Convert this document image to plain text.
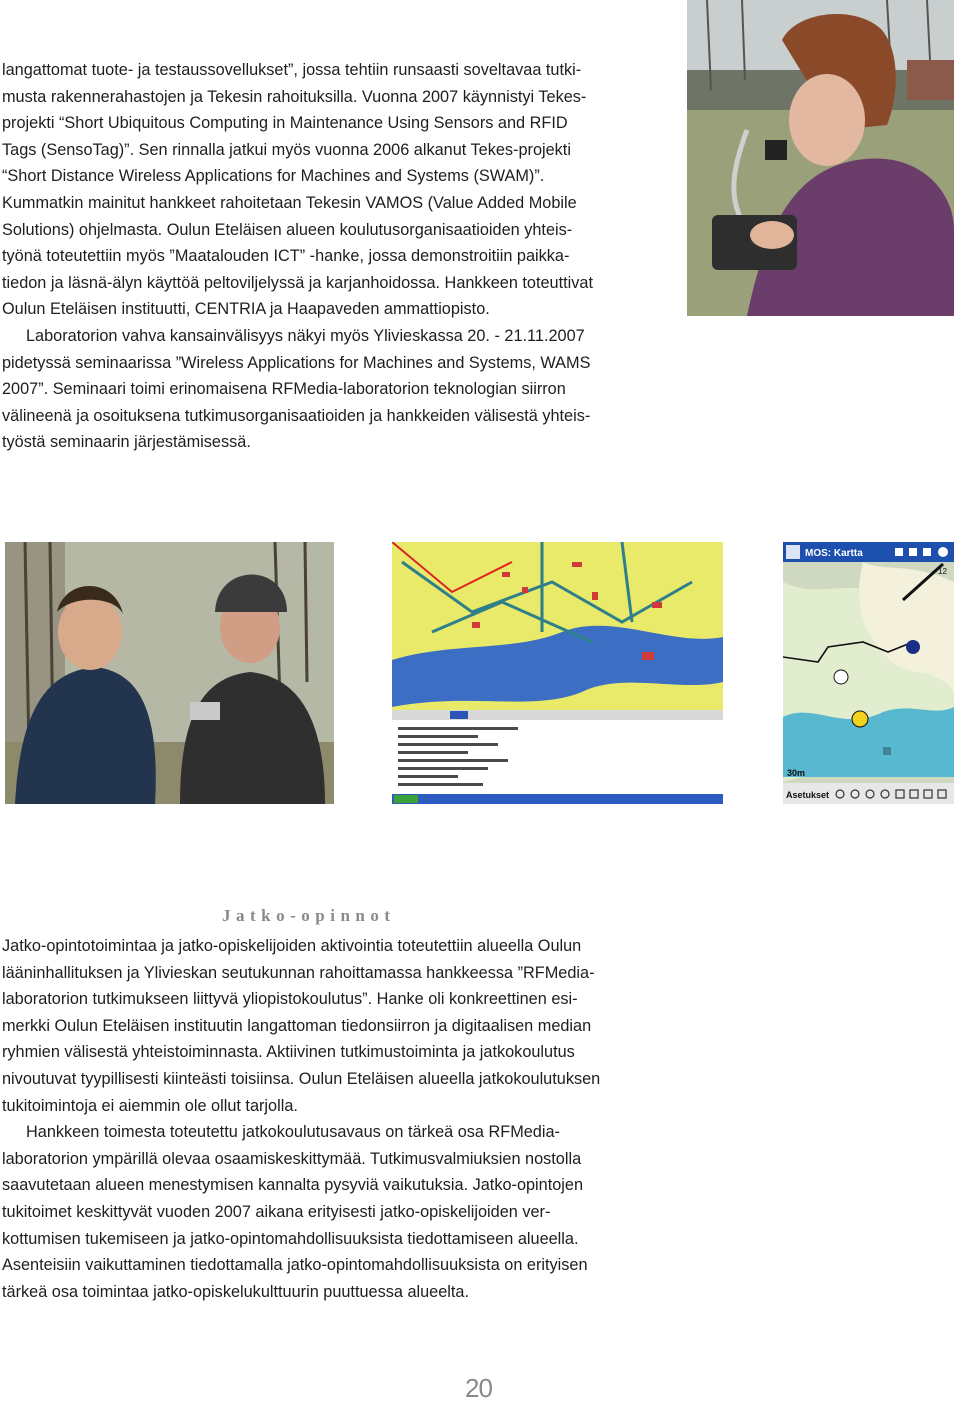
langattomat tuote- ja testaussovellukset”, jossa tehtiin runsaasti soveltavaa tutki-
musta rakennerahastojen ja Tekesin rahoituksilla. Vuonna 2007 käynnistyi Tekes-
projekti “Short Ubiquitous Computing in Maintenance Using Sensors and RFID
Tags (SensoTag)”. Sen rinnalla jatkui myös vuonna 2006 alkanut Tekes-projekti
“Short Distance Wireless Applications for Machines and Systems (SWAM)”.
Kummatkin mainitut hankkeet rahoitetaan Tekesin VAMOS (Value Added Mobile
Solutions) ohjelmasta. Oulun Eteläisen alueen koulutusorganisaatioiden yhteis-
työnä toteutettiin myös ”Maatalouden ICT” -hanke, jossa demonstroitiin paikka-
tiedon ja läsnä-älyn käyttöä peltoviljelyssä ja karjanhoidossa. Hankkeen toteuttivat
Oulun Eteläisen instituutti, CENTRIA ja Haapaveden ammattiopisto.
Laboratorion vahva kansainvälisyys näkyi myös Ylivieskassa 20. - 21.11.2007
pidetyssä seminaarissa ”Wireless Applications for Machines and Systems, WAMS
2007”. Seminaari toimi erinomaisena RFMedia-laboratorion teknologian siirron
välineenä ja osoituksena tutkimusorganisaatioiden ja hankkeiden välisestä yhteis-
työstä seminaarin järjestämisessä.
MOS: Kartta
30m
12
Asetukset
Jatko-opinnot
Jatko-opintotoimintaa ja jatko-opiskelijoiden aktivointia toteutettiin alueella Oulun
lääninhallituksen ja Ylivieskan seutukunnan rahoittamassa hankkeessa ”RFMedia-
laboratorion tutkimukseen liittyvä yliopistokoulutus”. Hanke oli konkreettinen esi-
merkki Oulun Eteläisen instituutin langattoman tiedonsiirron ja digitaalisen median
ryhmien välisestä yhteistoiminnasta. Aktiivinen tutkimustoiminta ja jatkokoulutus
nivoutuvat tyypillisesti kiinteästi toisiinsa. Oulun Eteläisen alueella jatkokoulutuksen
tukitoimintoja ei aiemmin ole ollut tarjolla.
Hankkeen toimesta toteutettu jatkokoulutusavaus on tärkeä osa RFMedia-
laboratorion ympärillä olevaa osaamiskeskittymää. Tutkimusvalmiuksien nostolla
saavutetaan alueen menestymisen kannalta pysyviä vaikutuksia. Jatko-opintojen
tukitoimet keskittyvät vuoden 2007 aikana erityisesti jatko-opiskelijoiden ver-
kottumisen tukemiseen ja jatko-opintomahdollisuuksista tiedottamiseen alueella.
Asenteisiin vaikuttaminen tiedottamalla jatko-opintomahdollisuuksista on erityisen
tärkeä osa toimintaa jatko-opiskelukulttuurin puuttuessa alueelta.
20
